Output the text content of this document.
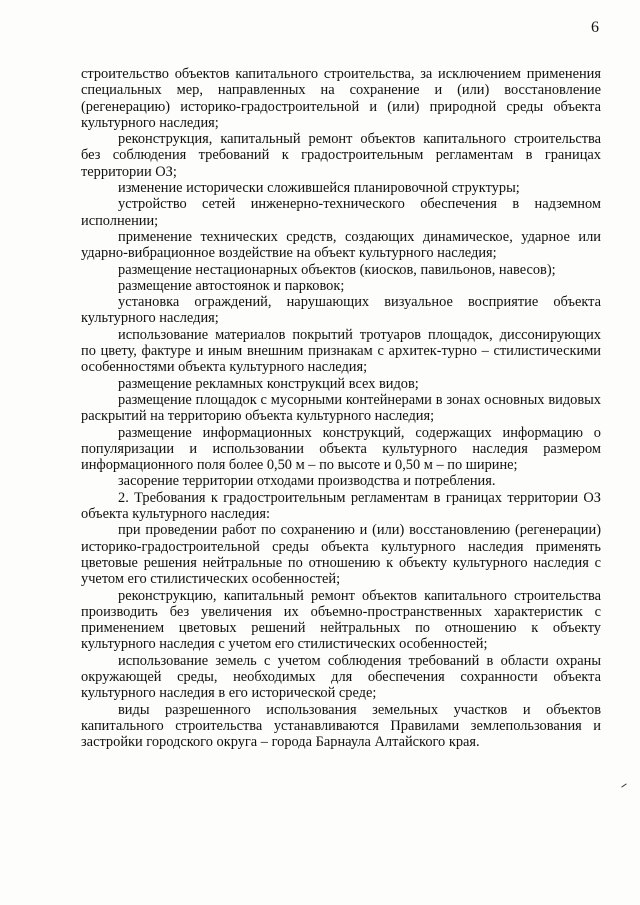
6

строительство объектов капитального строительства, за исключением применения специальных мер, направленных на сохранение и (или) восстановление (регенерацию) историко-градостроительной и (или) природной среды объекта культурного наследия;

реконструкция, капитальный ремонт объектов капитального строительства без соблюдения требований к градостроительным регламентам в границах территории ОЗ;

изменение исторически сложившейся планировочной структуры;

устройство сетей инженерно-технического обеспечения в надземном исполнении;

применение технических средств, создающих динамическое, ударное или ударно-вибрационное воздействие на объект культурного наследия;

размещение нестационарных объектов (киосков, павильонов, навесов);

размещение автостоянок и парковок;

установка ограждений, нарушающих визуальное восприятие объекта культурного наследия;

использование материалов покрытий тротуаров площадок, диссонирующих по цвету, фактуре и иным внешним признакам с архитек-турно – стилистическими особенностями объекта культурного наследия;

размещение рекламных конструкций всех видов;

размещение площадок с мусорными контейнерами в зонах основных видовых раскрытий на территорию объекта культурного наследия;

размещение информационных конструкций, содержащих информацию о популяризации и использовании объекта культурного наследия размером информационного поля более 0,50 м – по высоте и 0,50 м – по ширине;

засорение территории отходами производства и потребления.

2. Требования к градостроительным регламентам в границах территории ОЗ объекта культурного наследия:

при проведении работ по сохранению и (или) восстановлению (регенерации) историко-градостроительной среды объекта культурного наследия применять цветовые решения нейтральные по отношению к объекту культурного наследия с учетом его стилистических особенностей;

реконструкцию, капитальный ремонт объектов капитального строительства производить без увеличения их объемно-пространственных характеристик с применением цветовых решений нейтральных по отношению к объекту культурного наследия с учетом его стилистических особенностей;

использование земель с учетом соблюдения требований в области охраны окружающей среды, необходимых для обеспечения сохранности объекта культурного наследия в его исторической среде;

виды разрешенного использования земельных участков и объектов капитального строительства устанавливаются Правилами землепользования и застройки городского округа – города Барнаула Алтайского края.
